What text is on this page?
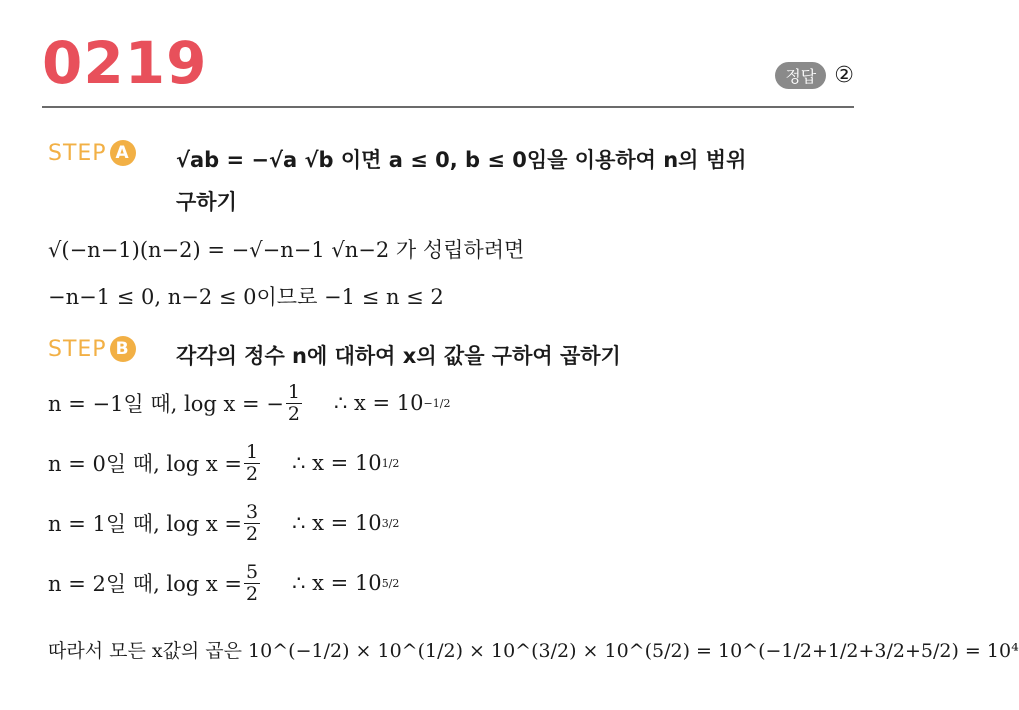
0219	정답 ②
STEP A √ab = −√a √b 이면 a ≤ 0, b ≤ 0임을 이용하여 n의 범위
구하기
√(−n−1)(n−2) = −√−n−1 √n−2 가 성립하려면
−n−1 ≤ 0, n−2 ≤ 0이므로 −1 ≤ n ≤ 2
STEP B 각각의 정수 n에 대하여 x의 값을 구하여 곱하기
n = −1일 때, log x = − $\frac{1}{2}$ ∴ x = 10 −1/2
n = 0일 때, $\log x = \frac{1}{2}$ ∴ x = 10 1/2
n = 1일 때, $\log x = \frac{3}{2}$ ∴ x = 10 3/2
n = 2일 때, $\log x = \frac{5}{2}$ ∴ x = 10 5/2
따라서 모든 x값의 곱은 10^(−1/2) × 10^(1/2) × 10^(3/2) × 10^(5/2) = 10^(−1/2+1/2+3/2+5/2) = 10⁴
